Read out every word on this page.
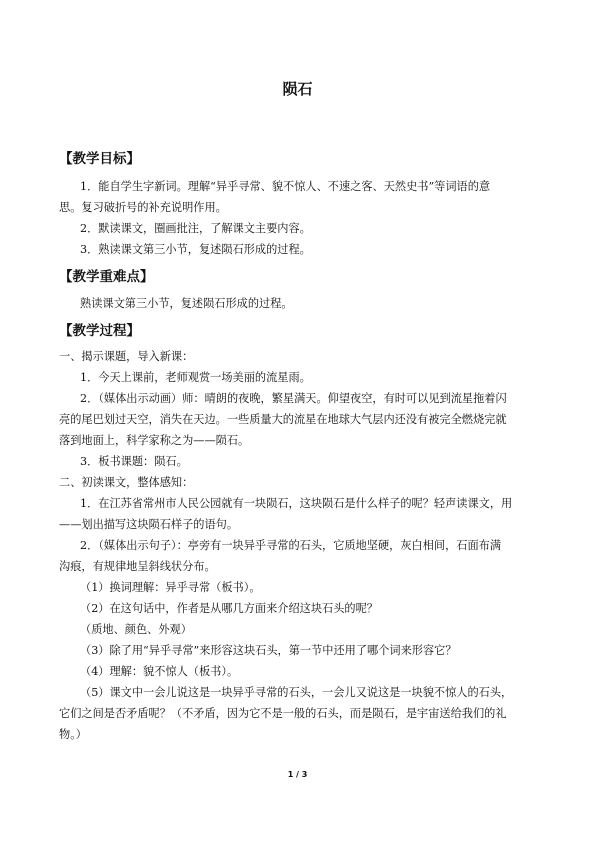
陨石
【教学目标】
1．能自学生字新词。理解“异乎寻常、貌不惊人、不速之客、天然史书”等词语的意
思。复习破折号的补充说明作用。
2．默读课文，圈画批注，了解课文主要内容。
3．熟读课文第三小节，复述陨石形成的过程。
【教学重难点】
熟读课文第三小节，复述陨石形成的过程。
【教学过程】
一、揭示课题，导入新课：
1．今天上课前，老师观赏一场美丽的流星雨。
2．（媒体出示动画）师：晴朗的夜晚，繁星满天。仰望夜空，有时可以见到流星拖着闪
亮的尾巴划过天空，消失在天边。一些质量大的流星在地球大气层内还没有被完全燃烧完就
落到地面上，科学家称之为——陨石。
3．板书课题：陨石。
二、初读课文，整体感知：
1．在江苏省常州市人民公园就有一块陨石，这块陨石是什么样子的呢？轻声读课文，用
——划出描写这块陨石样子的语句。
2．（媒体出示句子）：亭旁有一块异乎寻常的石头，它质地坚硬，灰白相间，石面布满
沟痕，有规律地呈斜线状分布。
（1）换词理解：异乎寻常（板书）。
（2）在这句话中，作者是从哪几方面来介绍这块石头的呢？
（质地、颜色、外观）
（3）除了用“异乎寻常”来形容这块石头，第一节中还用了哪个词来形容它？
（4）理解：貌不惊人（板书）。
（5）课文中一会儿说这是一块异乎寻常的石头，一会儿又说这是一块貌不惊人的石头，
它们之间是否矛盾呢？（不矛盾，因为它不是一般的石头，而是陨石，是宇宙送给我们的礼
物。）
1 / 3
